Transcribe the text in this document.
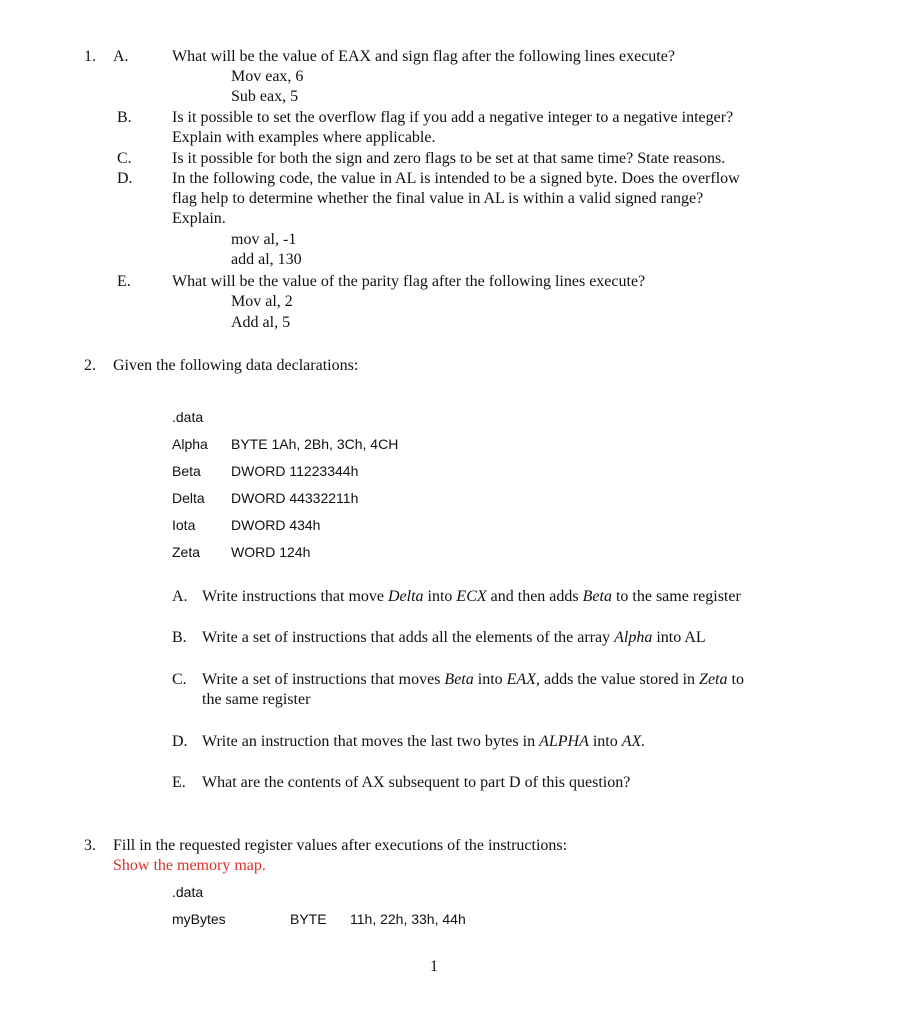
1. A.	What will be the value of EAX and sign flag after the following lines execute?
Mov eax, 6
Sub eax, 5
B.	Is it possible to set the overflow flag if you add a negative integer to a negative integer?
Explain with examples where applicable.
C.	Is it possible for both the sign and zero flags to be set at that same time? State reasons.
D. In the following code, the value in AL is intended to be a signed byte. Does the overflow
flag help to determine whether the final value in AL is within a valid signed range?
Explain.
mov al, -1
add al, 130
E.	What will be the value of the parity flag after the following lines execute?
Mov al, 2
Add al, 5
2. Given the following data declarations:
.data
Alpha BYTE 1Ah, 2Bh, 3Ch, 4CH
Beta DWORD 11223344h
Delta DWORD 44332211h
Iota	DWORD 434h
Zeta WORD 124h
A. Write instructions that move Delta into ECX and then adds Beta to the same register
B. Write a set of instructions that adds all the elements of the array Alpha into AL
C. Write a set of instructions that moves Beta into EAX, adds the value stored in Zeta to
the same register
D. Write an instruction that moves the last two bytes in ALPHA into AX.
E. What are the contents of AX subsequent to part D of this question?
3. Fill in the requested register values after executions of the instructions:
Show the memory map.
.data
myBytes	BYTE 11h, 22h, 33h, 44h
1
